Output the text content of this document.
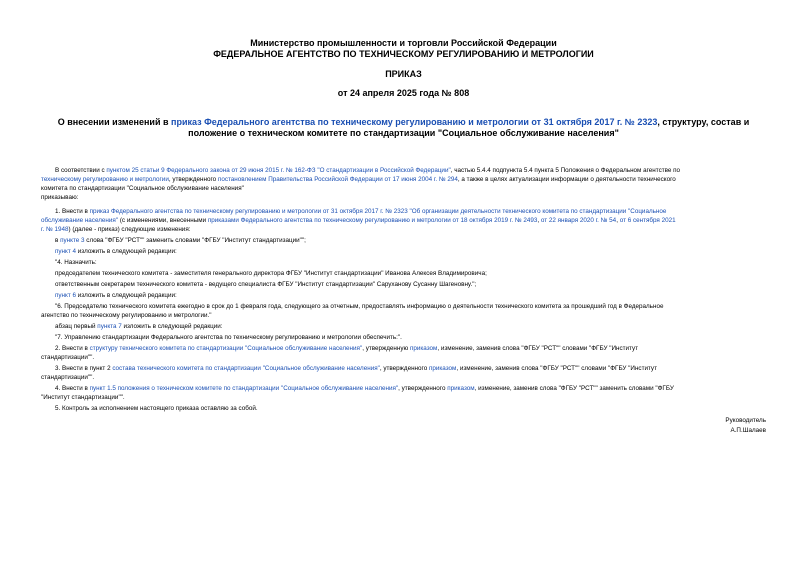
Министерство промышленности и торговли Российской Федерации
ФЕДЕРАЛЬНОЕ АГЕНТСТВО ПО ТЕХНИЧЕСКОМУ РЕГУЛИРОВАНИЮ И МЕТРОЛОГИИ
ПРИКАЗ
от 24 апреля 2025 года № 808
О внесении изменений в приказ Федерального агентства по техническому регулированию и метрологии от 31 октября 2017 г. № 2323, структуру, состав и
положение о техническом комитете по стандартизации "Социальное обслуживание населения"
В соответствии с пунктом 25 статьи 9 Федерального закона от 29 июня 2015 г. № 162-ФЗ "О стандартизации в Российской Федерации", частью 5.4.4 подпункта 5.4 пункта 5 Положения о Федеральном агентстве по
техническому регулированию и метрологии, утвержденного постановлением Правительства Российской Федерации от 17 июня 2004 г. № 294, а также в целях актуализации информации о деятельности технического
комитета по стандартизации "Социальное обслуживание населения"
приказываю:
1. Внести в приказ Федерального агентства по техническому регулированию и метрологии от 31 октября 2017 г. № 2323 "Об организации деятельности технического комитета по стандартизации "Социальное
обслуживание населения" (с изменениями, внесенными приказами Федерального агентства по техническому регулированию и метрологии от 18 октября 2019 г. № 2493, от 22 января 2020 г. № 54, от 6 сентября 2021
г. № 1948) (далее - приказ) следующие изменения:
в пункте 3 слова "ФГБУ "РСТ"" заменить словами "ФГБУ "Институт стандартизации"";
пункт 4 изложить в следующей редакции:
"4. Назначить:
председателем технического комитета - заместителя генерального директора ФГБУ "Институт стандартизации" Иванова Алексея Владимировича;
ответственным секретарем технического комитета - ведущего специалиста ФГБУ "Институт стандартизации" Саруханову Сусанну Шагеновну.";
пункт 6 изложить в следующей редакции:
"6. Председателю технического комитета ежегодно в срок до 1 февраля года, следующего за отчетным, предоставлять информацию о деятельности технического комитета за прошедший год в Федеральное
агентство по техническому регулированию и метрологии."
абзац первый пункта 7 изложить в следующей редакции:
"7. Управлению стандартизации Федерального агентства по техническому регулированию и метрологии обеспечить:".
2. Внести в структуру технического комитета по стандартизации "Социальное обслуживание населения", утвержденную приказом, изменение, заменив слова "ФГБУ "РСТ"" словами "ФГБУ "Институт
стандартизации"".
3. Внести в пункт 2 состава технического комитета по стандартизации "Социальное обслуживание населения", утвержденного приказом, изменение, заменив слова "ФГБУ "РСТ"" словами "ФГБУ "Институт
стандартизации"".
4. Внести в пункт 1.5 положения о техническом комитете по стандартизации "Социальное обслуживание населения", утвержденного приказом, изменение, заменив слова "ФГБУ "РСТ"" заменить словами "ФГБУ
"Институт стандартизации"".
5. Контроль за исполнением настоящего приказа оставляю за собой.
Руководитель
А.П.Шалаев
